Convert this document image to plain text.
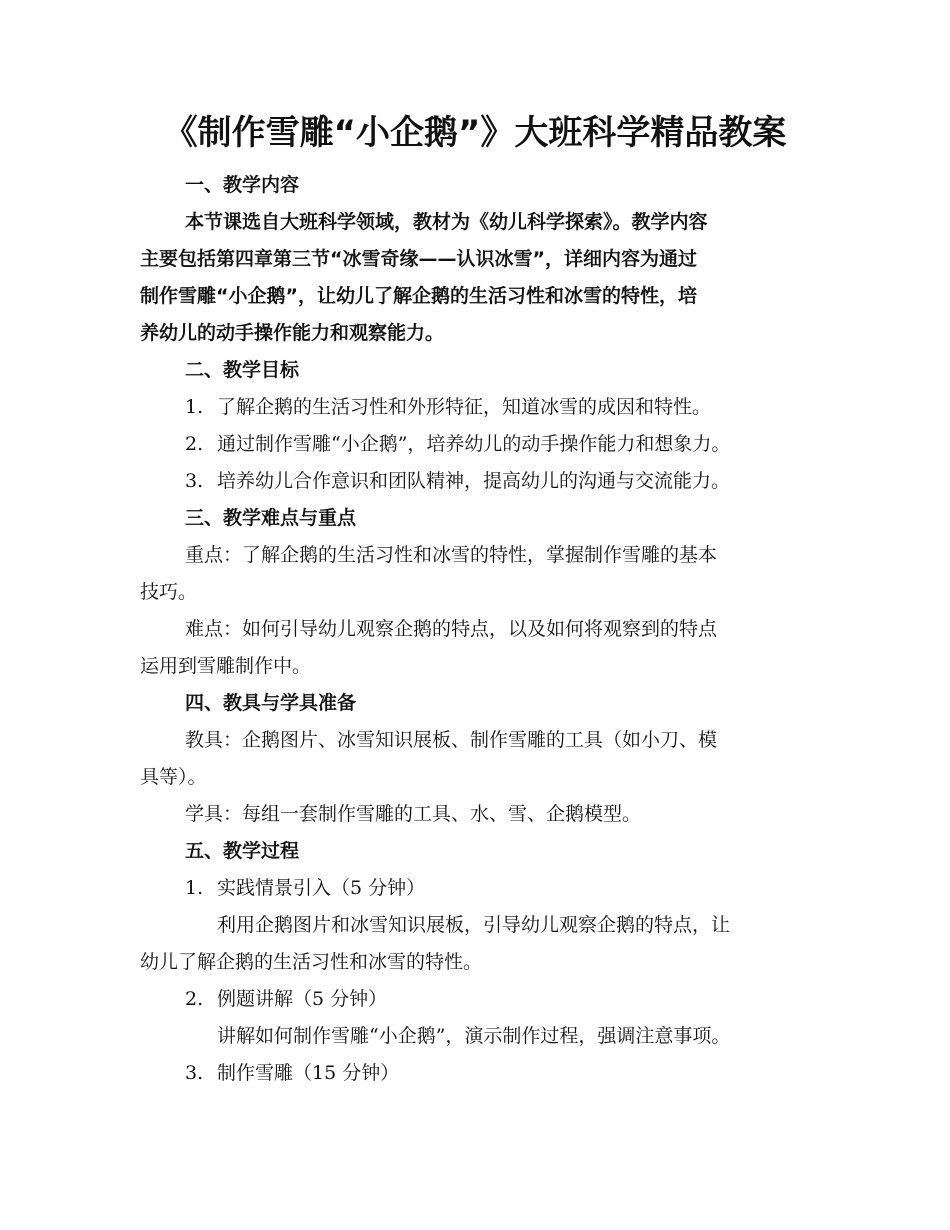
《制作雪雕“小企鹅”》大班科学精品教案

一、教学内容

本节课选自大班科学领域，教材为《幼儿科学探索》。教学内容

主要包括第四章第三节“冰雪奇缘——认识冰雪”，详细内容为通过

制作雪雕“小企鹅”，让幼儿了解企鹅的生活习性和冰雪的特性，培

养幼儿的动手操作能力和观察能力。

二、教学目标

1. 了解企鹅的生活习性和外形特征，知道冰雪的成因和特性。

2. 通过制作雪雕“小企鹅”，培养幼儿的动手操作能力和想象力。

3. 培养幼儿合作意识和团队精神，提高幼儿的沟通与交流能力。

三、教学难点与重点

重点：了解企鹅的生活习性和冰雪的特性，掌握制作雪雕的基本

技巧。

难点：如何引导幼儿观察企鹅的特点，以及如何将观察到的特点

运用到雪雕制作中。

四、教具与学具准备

教具：企鹅图片、冰雪知识展板、制作雪雕的工具（如小刀、模

具等）。

学具：每组一套制作雪雕的工具、水、雪、企鹅模型。

五、教学过程

1. 实践情景引入（5 分钟）

利用企鹅图片和冰雪知识展板，引导幼儿观察企鹅的特点，让

幼儿了解企鹅的生活习性和冰雪的特性。

2. 例题讲解（5 分钟）

讲解如何制作雪雕“小企鹅”，演示制作过程，强调注意事项。

3. 制作雪雕（15 分钟）
